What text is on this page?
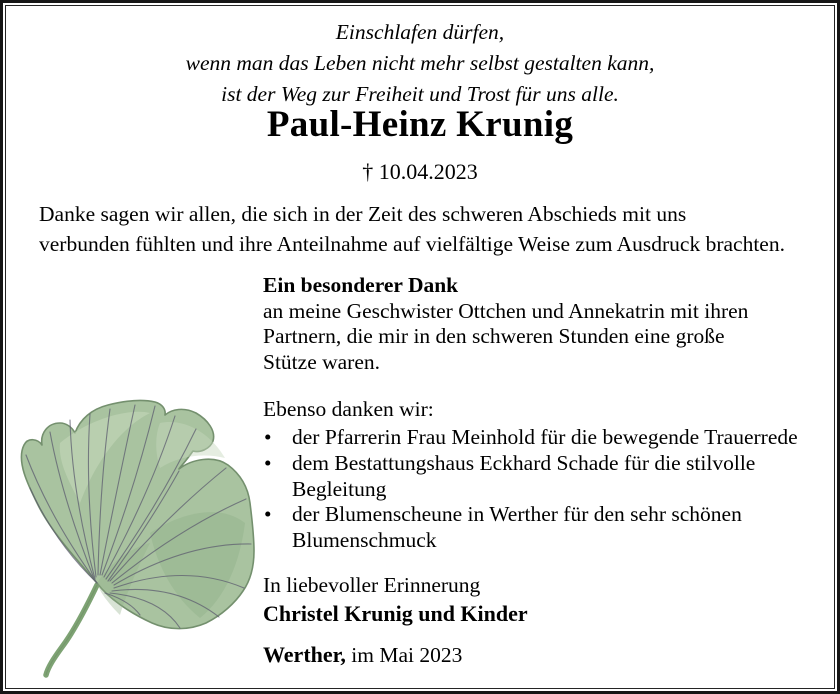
Einschlafen dürfen,
wenn man das Leben nicht mehr selbst gestalten kann,
ist der Weg zur Freiheit und Trost für uns alle.
Paul-Heinz Krunig
† 10.04.2023
Danke sagen wir allen, die sich in der Zeit des schweren Abschieds mit uns
verbunden fühlten und ihre Anteilnahme auf vielfältige Weise zum Ausdruck brachten.
Ein besonderer Dank
an meine Geschwister Ottchen und Annekatrin mit ihren
Partnern, die mir in den schweren Stunden eine große
Stütze waren.
Ebenso danken wir:
• der Pfarrerin Frau Meinhold für die bewegende Trauerrede
• dem Bestattungshaus Eckhard Schade für die stilvolle Begleitung
• der Blumenscheune in Werther für den sehr schönen Blumenschmuck
In liebevoller Erinnerung
Christel Krunig und Kinder
Werther, im Mai 2023
